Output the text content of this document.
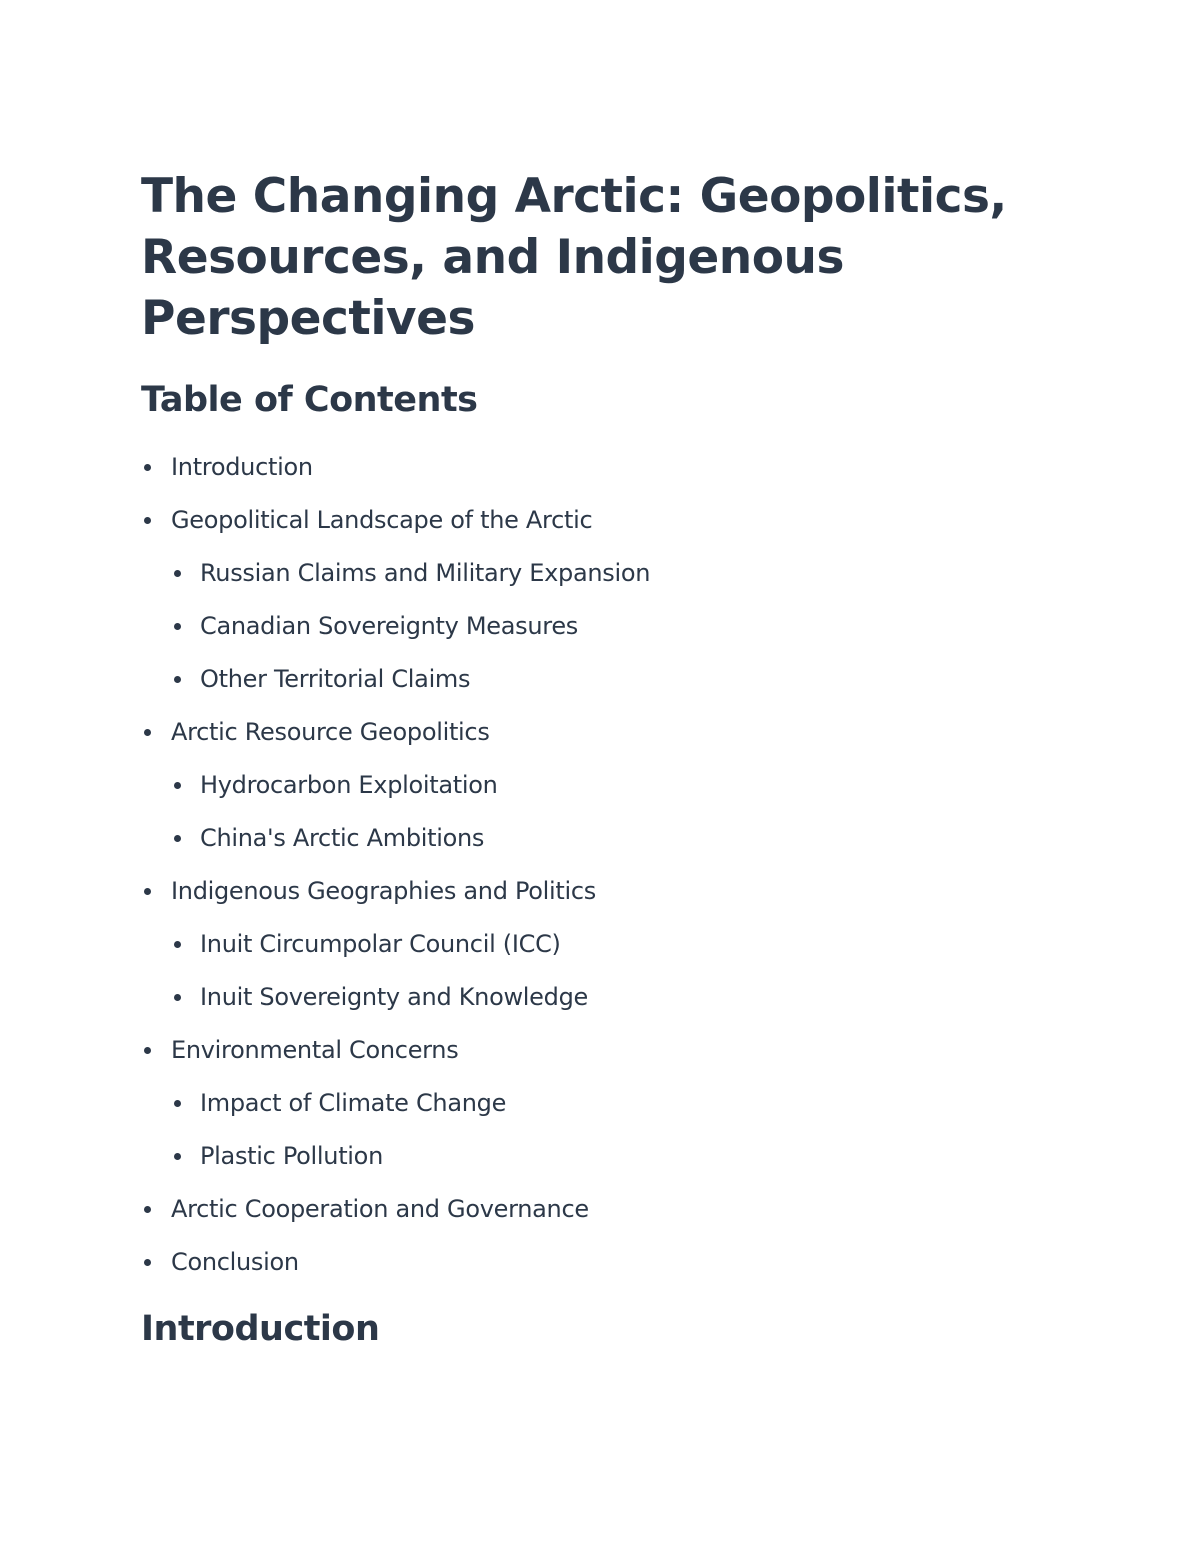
The Changing Arctic: Geopolitics, Resources, and Indigenous Perspectives
Table of Contents
Introduction
Geopolitical Landscape of the Arctic
Russian Claims and Military Expansion
Canadian Sovereignty Measures
Other Territorial Claims
Arctic Resource Geopolitics
Hydrocarbon Exploitation
China's Arctic Ambitions
Indigenous Geographies and Politics
Inuit Circumpolar Council (ICC)
Inuit Sovereignty and Knowledge
Environmental Concerns
Impact of Climate Change
Plastic Pollution
Arctic Cooperation and Governance
Conclusion
Introduction
